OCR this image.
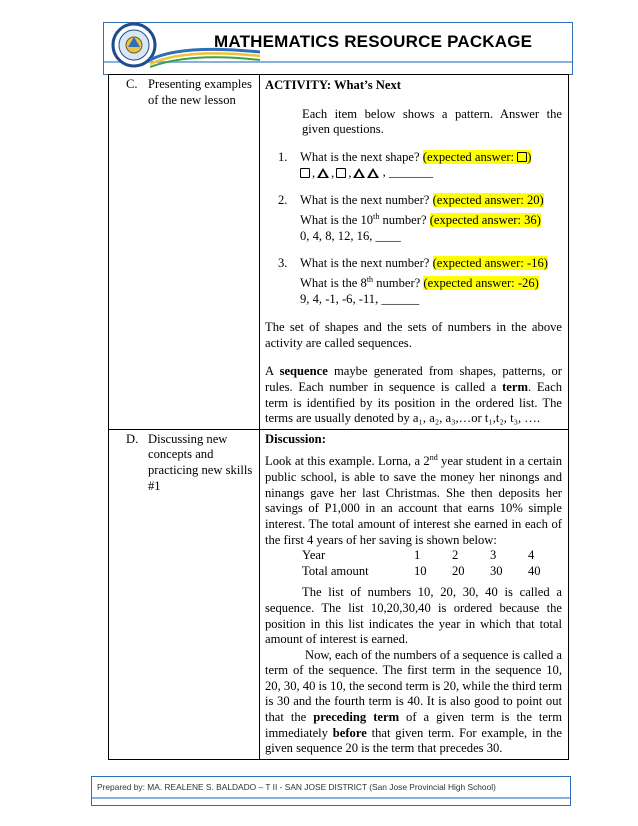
MATHEMATICS RESOURCE PACKAGE
C. Presenting examples of the new lesson

ACTIVITY: What’s Next

Each item below shows a pattern. Answer the given questions.

1. What is the next shape? (expected answer: )

,
,
,
, _______
2. What is the next number? (expected answer: 20)
What is the 10th number? (expected answer: 36)
0, 4, 8, 12, 16, ____
3. What is the next number? (expected answer: -16)
What is the 8th number? (expected answer: -26)
9, 4, -1, -6, -11, ______

The set of shapes and the sets of numbers in the above activity are called sequences.

A sequence maybe generated from shapes, patterns, or rules. Each number in sequence is called a term. Each term is identified by its position in the ordered list. The terms are usually denoted by a₁, a₂, a₃,…or t₁,t₂, t₃, ….

D. Discussing new concepts and practicing new skills #1

Discussion:

Look at this example. Lorna, a 2nd year student in a certain public school, is able to save the money her ninongs and ninangs gave her last Christmas. She then deposits her savings of P1,000 in an account that earns 10% simple interest. The total amount of interest she earned in each of the first 4 years of her saving is shown below:

Year	1	2	3	4
Total amount	10	20	30	40

The list of numbers 10, 20, 30, 40 is called a sequence. The list 10,20,30,40 is ordered because the position in this list indicates the year in which that total amount of interest is earned.

Now, each of the numbers of a sequence is called a term of the sequence. The first term in the sequence 10, 20, 30, 40 is 10, the second term is 20, while the third term is 30 and the fourth term is 40. It is also good to point out that the preceding term of a given term is the term immediately before that given term. For example, in the given sequence 20 is the term that precedes 30.

Prepared by: MA. REALENE S. BALDADO – T II - SAN JOSE DISTRICT (San Jose Provincial High School)
